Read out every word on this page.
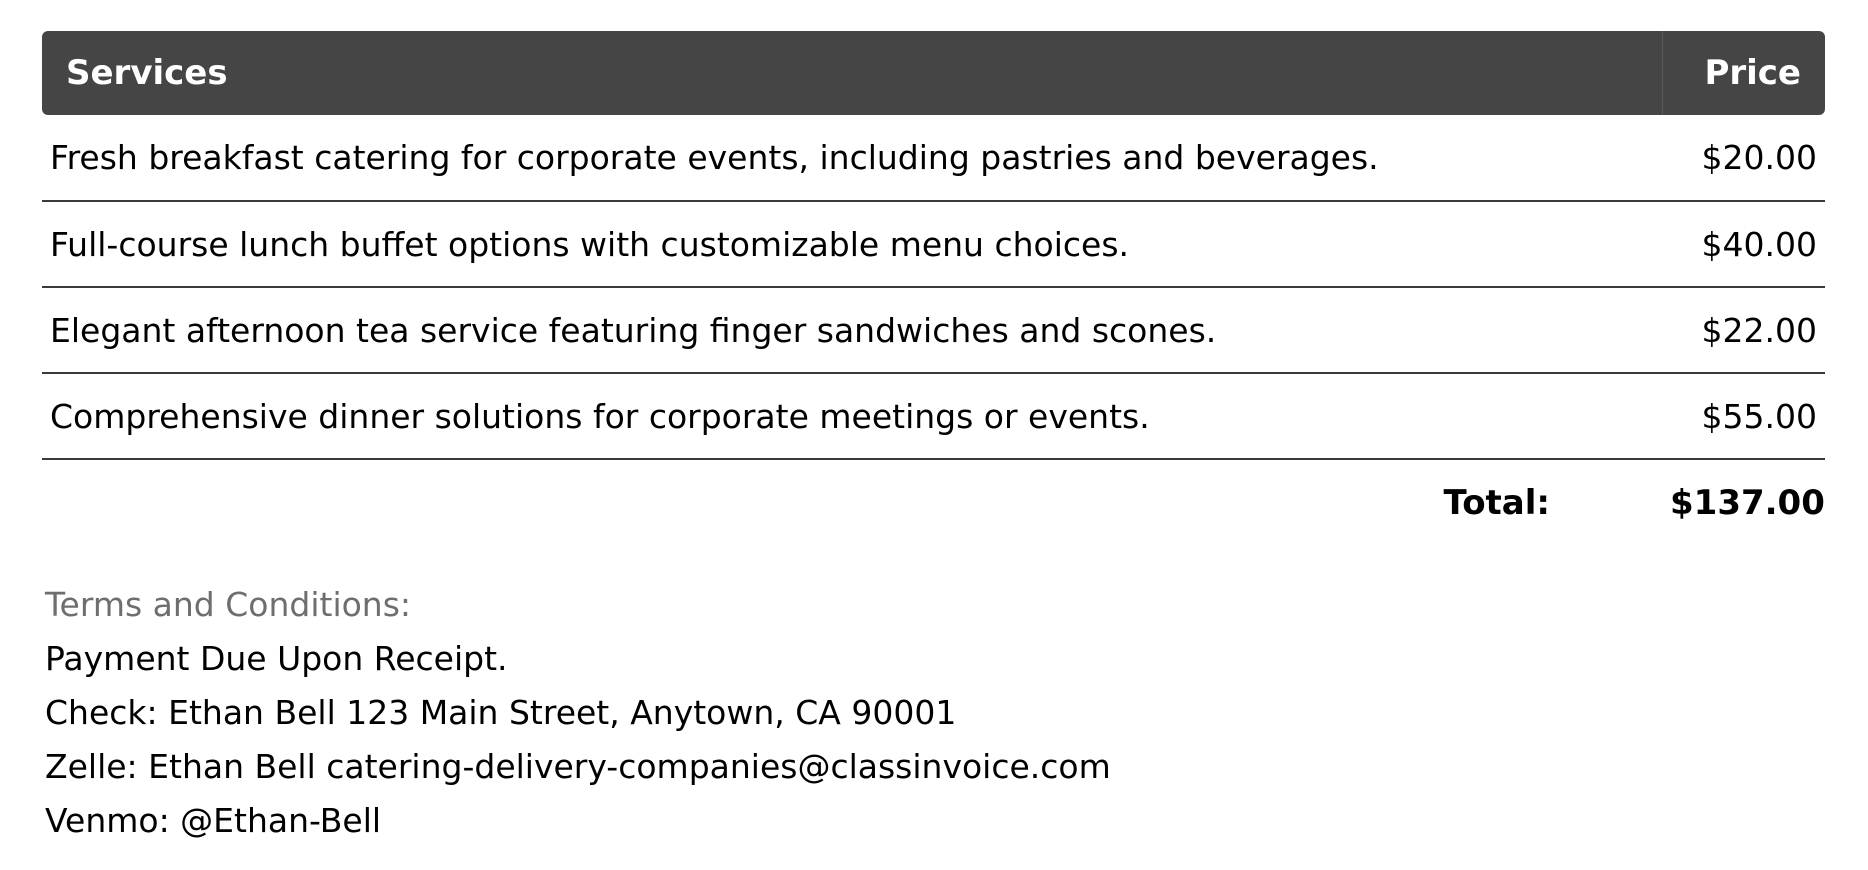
Services	Price
Fresh breakfast catering for corporate events, including pastries and beverages.	$20.00
Full-course lunch buffet options with customizable menu choices.	$40.00
Elegant afternoon tea service featuring finger sandwiches and scones.	$22.00
Comprehensive dinner solutions for corporate meetings or events.	$55.00
Total:	$137.00
Terms and Conditions:
Payment Due Upon Receipt.
Check: Ethan Bell 123 Main Street, Anytown, CA 90001
Zelle: Ethan Bell catering-delivery-companies@classinvoice.com
Venmo: @Ethan-Bell
